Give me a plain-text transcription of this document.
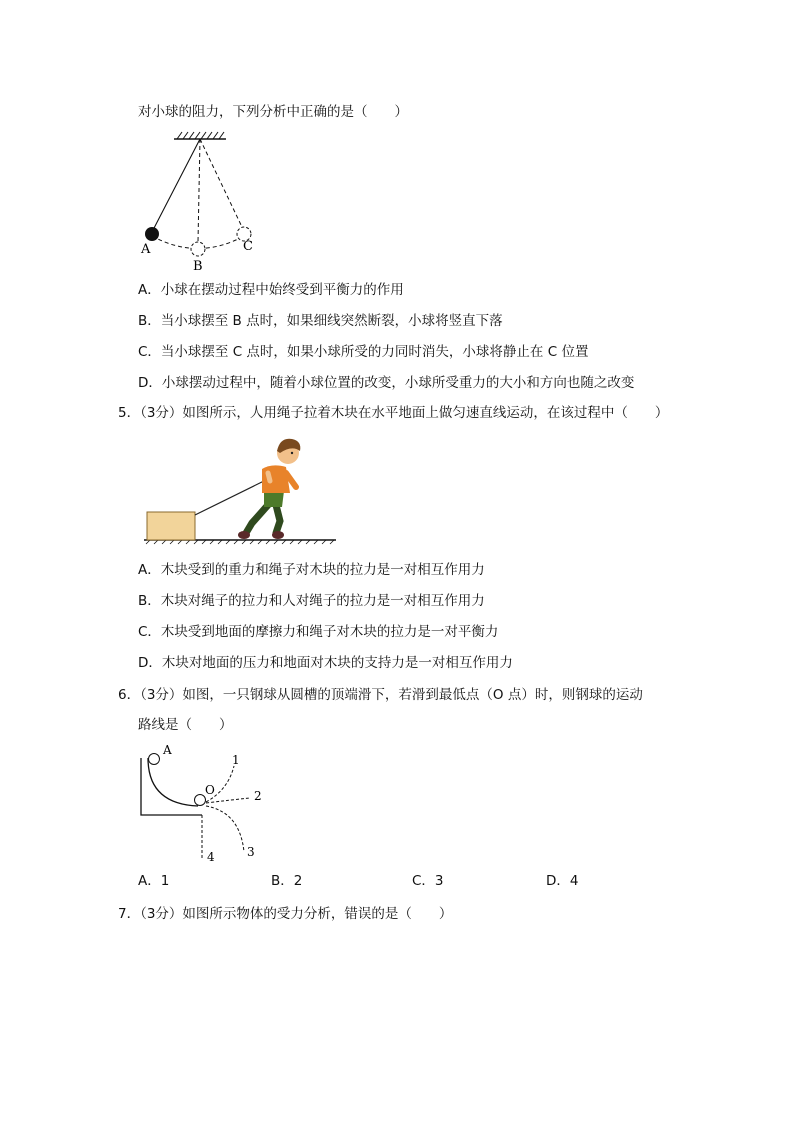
对小球的阻力，下列分析中正确的是（　　）
A
B
C
A．小球在摆动过程中始终受到平衡力的作用
B．当小球摆至 B 点时，如果细线突然断裂，小球将竖直下落
C．当小球摆至 C 点时，如果小球所受的力同时消失，小球将静止在 C 位置
D．小球摆动过程中，随着小球位置的改变，小球所受重力的大小和方向也随之改变
5．（3分）如图所示，人用绳子拉着木块在水平地面上做匀速直线运动，在该过程中（　　）
A．木块受到的重力和绳子对木块的拉力是一对相互作用力
B．木块对绳子的拉力和人对绳子的拉力是一对相互作用力
C．木块受到地面的摩擦力和绳子对木块的拉力是一对平衡力
D．木块对地面的压力和地面对木块的支持力是一对相互作用力
6．（3分）如图，一只钢球从圆槽的顶端滑下，若滑到最低点（O 点）时，则钢球的运动
路线是（　　）
A
O
1
2
3
4
A．1	B．2	C．3	D．4
7．（3分）如图所示物体的受力分析，错误的是（　　）
